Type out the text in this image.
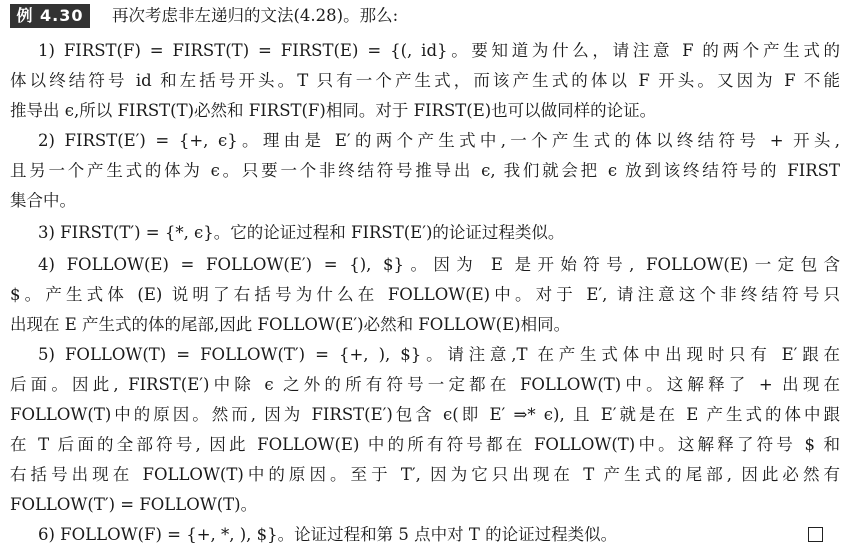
例 4.30	再次考虑非左递归的文法(4.28)。那么:
1) FIRST(F) = FIRST(T) = FIRST(E) = {(, id}。要知道为什么，请注意 F 的两个产生式的
体以终结符号 id 和左括号开头。T 只有一个产生式，而该产生式的体以 F 开头。又因为 F 不能
推导出 ϵ,所以 FIRST(T)必然和 FIRST(F)相同。对于 FIRST(E)也可以做同样的论证。
2) FIRST(E′) = {+, ϵ}。理由是 E′的两个产生式中,一个产生式的体以终结符号 + 开头,
且另一个产生式的体为 ϵ。只要一个非终结符号推导出 ϵ, 我们就会把 ϵ 放到该终结符号的 FIRST
集合中。
3) FIRST(T′) = {*, ϵ}。它的论证过程和 FIRST(E′)的论证过程类似。
4) FOLLOW(E) = FOLLOW(E′) = {), $}。因为 E 是开始符号, FOLLOW(E)一定包含
$。产生式体 (E) 说明了右括号为什么在 FOLLOW(E)中。对于 E′, 请注意这个非终结符号只
出现在 E 产生式的体的尾部,因此 FOLLOW(E′)必然和 FOLLOW(E)相同。
5) FOLLOW(T) = FOLLOW(T′) = {+, ), $}。请注意,T 在产生式体中出现时只有 E′跟在
后面。因此, FIRST(E′)中除 ϵ 之外的所有符号一定都在 FOLLOW(T)中。这解释了 + 出现在
FOLLOW(T)中的原因。然而, 因为 FIRST(E′)包含 ϵ(即 E′ ⇒* ϵ), 且 E′就是在 E 产生式的体中跟
在 T 后面的全部符号, 因此 FOLLOW(E) 中的所有符号都在 FOLLOW(T)中。这解释了符号 $ 和
右括号出现在 FOLLOW(T)中的原因。至于 T′, 因为它只出现在 T 产生式的尾部, 因此必然有
FOLLOW(T′) = FOLLOW(T)。
6) FOLLOW(F) = {+, *, ), $}。论证过程和第 5 点中对 T 的论证过程类似。
